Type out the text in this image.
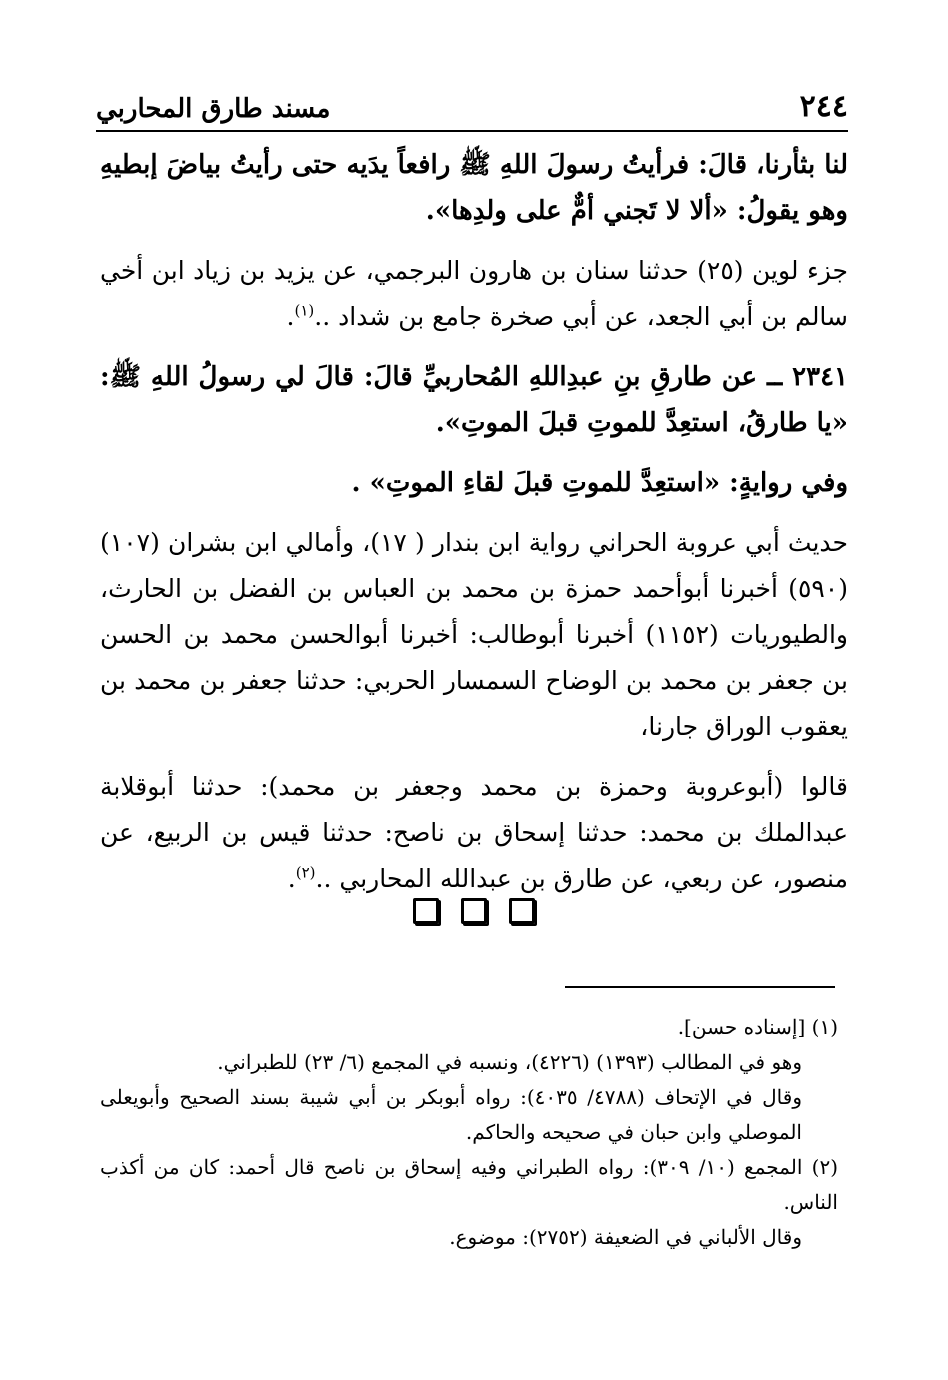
مسند طارق المحاربي	٢٤٤

لنا بثأرنا، قالَ: فرأيتُ رسولَ اللهِ ﷺ رافعاً يدَيه حتى رأيتُ بياضَ إبطيهِ وهو يقولُ: «ألا لا تَجني أمٌّ على ولدِها».

جزء لوين (٢٥) حدثنا سنان بن هارون البرجمي، عن يزيد بن زياد ابن أخي سالم بن أبي الجعد، عن أبي صخرة جامع بن شداد ..$^{(١)}$.

٢٣٤١ ــ عن طارقِ بنِ عبدِاللهِ المُحاربيِّ قالَ: قالَ لي رسولُ اللهِ ﷺ: «يا طارقُ، استعِدَّ للموتِ قبلَ الموتِ».

وفي روايةٍ: «استعِدَّ للموتِ قبلَ لقاءِ الموتِ» .

حديث أبي عروبة الحراني رواية ابن بندار ( ١٧)، وأمالي ابن بشران (١٠٧) (٥٩٠) أخبرنا أبوأحمد حمزة بن محمد بن العباس بن الفضل بن الحارث، والطيوريات (١١٥٢) أخبرنا أبوطالب: أخبرنا أبوالحسن محمد بن الحسن بن جعفر بن محمد بن الوضاح السمسار الحربي: حدثنا جعفر بن محمد بن يعقوب الوراق جارنا،

قالوا (أبوعروبة وحمزة بن محمد وجعفر بن محمد): حدثنا أبوقلابة عبدالملك بن محمد: حدثنا إسحاق بن ناصح: حدثنا قيس بن الربيع، عن منصور، عن ربعي، عن طارق بن عبدالله المحاربي ..$^{(٢)}$.

(١) [إسناده حسن].

وهو في المطالب (١٣٩٣) (٤٢٢٦)، ونسبه في المجمع (٦/ ٢٣) للطبراني.

وقال في الإتحاف (٤٧٨٨/ ٤٠٣٥): رواه أبوبكر بن أبي شيبة بسند الصحيح وأبويعلى الموصلي وابن حبان في صحيحه والحاكم.

(٢) المجمع (١٠/ ٣٠٩): رواه الطبراني وفيه إسحاق بن ناصح قال أحمد: كان من أكذب الناس.

وقال الألباني في الضعيفة (٢٧٥٢): موضوع.
